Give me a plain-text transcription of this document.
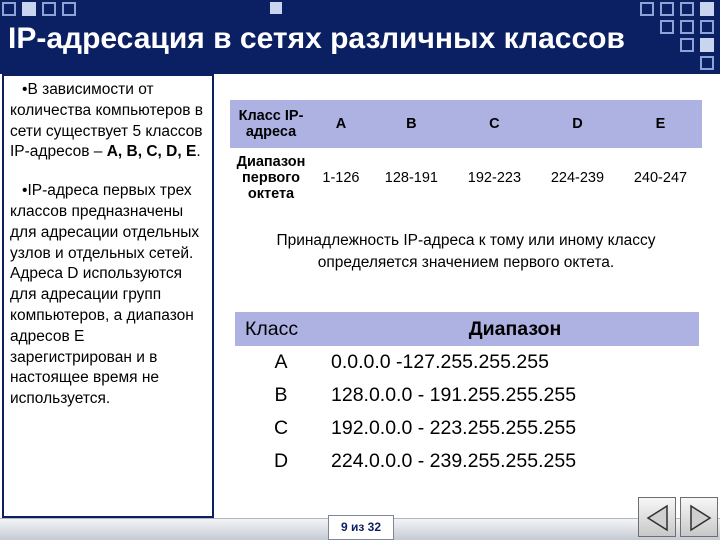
IP-адресация в сетях различных классов
•В зависимости от количества компьютеров в сети существует 5 классов IP-адресов – A, B, C, D, E.
•IP-адреса первых трех классов предназначены для адресации отдельных узлов и отдельных сетей. Адреса D используются для адресации групп компьютеров, а диапазон адресов E зарегистрирован и в настоящее время не используется.
Класс IP-адреса	A	B	C	D	E
Диапазон первого октета	1-126	128-191	192-223	224-239	240-247
Принадлежность IP-адреса к тому или иному классу определяется значением первого октета.
Класс	Диапазон
A	0.0.0.0 -127.255.255.255
B	128.0.0.0 - 191.255.255.255
C	192.0.0.0 - 223.255.255.255
D	224.0.0.0 - 239.255.255.255
9 из 32
